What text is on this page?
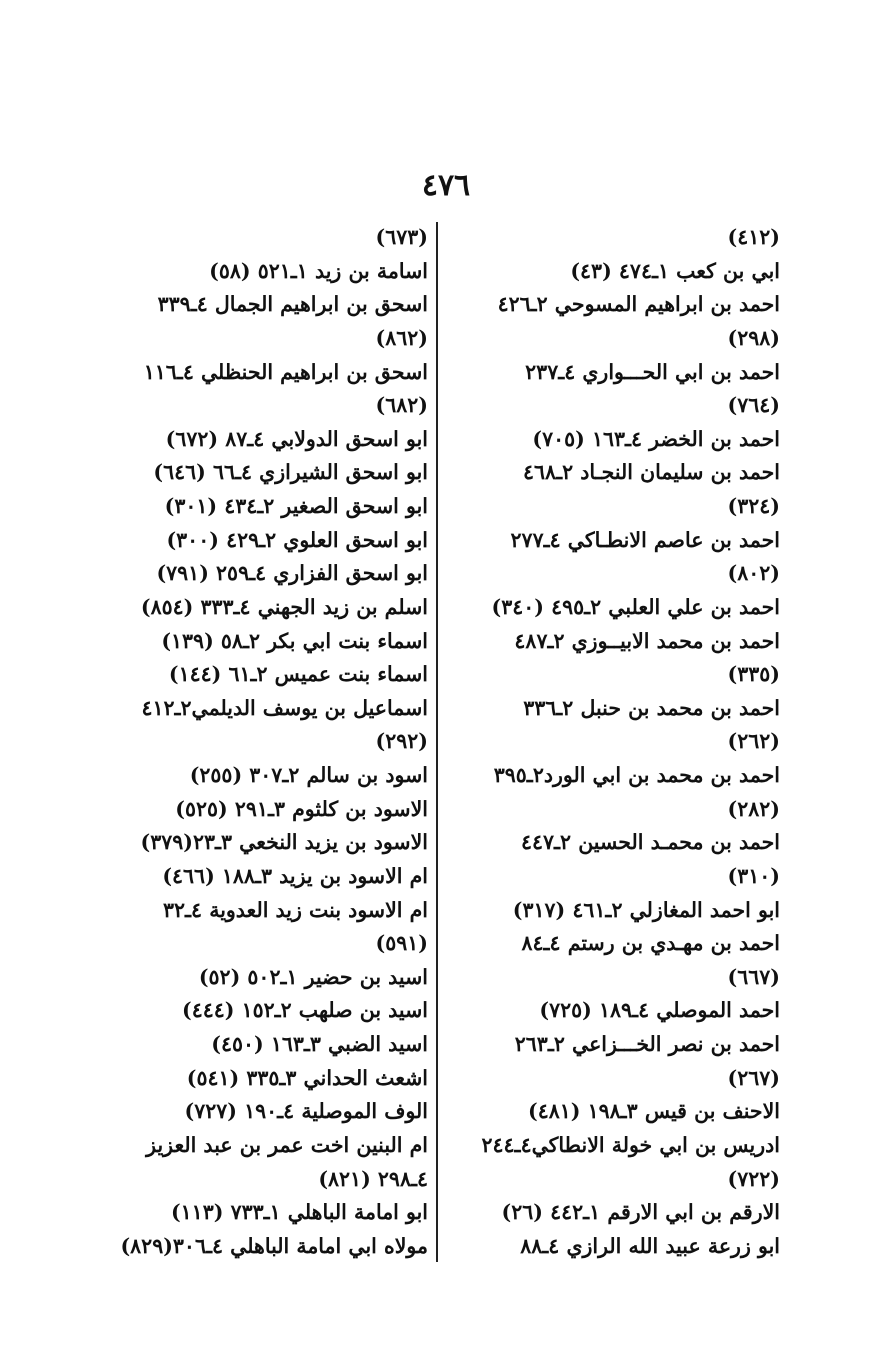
٤٧٦
(٤١٢)
ابي بن كعب ١ـ٤٧٤ (٤٣)
احمد بن ابراهيم المسوحي ٢ـ٤٢٦
(٢٩٨)
احمد بن ابي الحـــواري ٤ـ٢٣٧
(٧٦٤)
احمد بن الخضر ٤ـ١٦٣ (٧٠٥)
احمد بن سليمان النجـاد ٢ـ٤٦٨
(٣٢٤)
احمد بن عاصم الانطـاكي ٤ـ٢٧٧
(٨٠٢)
احمد بن علي العلبي ٢ـ٤٩٥ (٣٤٠)
احمد بن محمد الابيــوزي ٢ـ٤٨٧
(٣٣٥)
احمد بن محمد بن حنبل ٢ـ٣٣٦
(٢٦٢)
احمد بن محمد بن ابي الورد٢ـ٣٩٥
(٢٨٢)
احمد بن محمـد الحسين ٢ـ٤٤٧
(٣١٠)
ابو احمد المغازلي ٢ـ٤٦١ (٣١٧)
احمد بن مهـدي بن رستم ٤ـ٨٤
(٦٦٧)
احمد الموصلي ٤ـ١٨٩ (٧٢٥)
احمد بن نصر الخـــزاعي ٢ـ٢٦٣
(٢٦٧)
الاحنف بن قيس ٣ـ١٩٨ (٤٨١)
ادريس بن ابي خولة الانطاكي٤ـ٢٤٤
(٧٢٢)
الارقم بن ابي الارقم ١ـ٤٤٢ (٢٦)
ابو زرعة عبيد الله الرازي ٤ـ٨٨
(٦٧٣)
اسامة بن زيد ١ـ٥٢١ (٥٨)
اسحق بن ابراهيم الجمال ٤ـ٣٣٩
(٨٦٢)
اسحق بن ابراهيم الحنظلي ٤ـ١١٦
(٦٨٢)
ابو اسحق الدولابي ٤ـ٨٧ (٦٧٢)
ابو اسحق الشيرازي ٤ـ٦٦ (٦٤٦)
ابو اسحق الصغير ٢ـ٤٣٤ (٣٠١)
ابو اسحق العلوي ٢ـ٤٢٩ (٣٠٠)
ابو اسحق الفزاري ٤ـ٢٥٩ (٧٩١)
اسلم بن زيد الجهني ٤ـ٣٣٣ (٨٥٤)
اسماء بنت ابي بكر ٢ـ٥٨ (١٣٩)
اسماء بنت عميس ٢ـ٦١ (١٤٤)
اسماعيل بن يوسف الديلمي٢ـ٤١٢
(٢٩٢)
اسود بن سالم ٢ـ٣٠٧ (٢٥٥)
الاسود بن كلثوم ٣ـ٢٩١ (٥٢٥)
الاسود بن يزيد النخعي ٣ـ٢٣(٣٧٩)
ام الاسود بن يزيد ٣ـ١٨٨ (٤٦٦)
ام الاسود بنت زيد العدوية ٤ـ٣٢
(٥٩١)
اسيد بن حضير ١ـ٥٠٢ (٥٢)
اسيد بن صلهب ٢ـ١٥٢ (٤٤٤)
اسيد الضبي ٣ـ١٦٣ (٤٥٠)
اشعث الحداني ٣ـ٣٣٥ (٥٤١)
الوف الموصلية ٤ـ١٩٠ (٧٢٧)
ام البنين اخت عمر بن عبد العزيز
٤ـ٢٩٨ (٨٢١)
ابو امامة الباهلي ١ـ٧٣٣ (١١٣)
مولاه ابي امامة الباهلي ٤ـ٣٠٦(٨٢٩)
